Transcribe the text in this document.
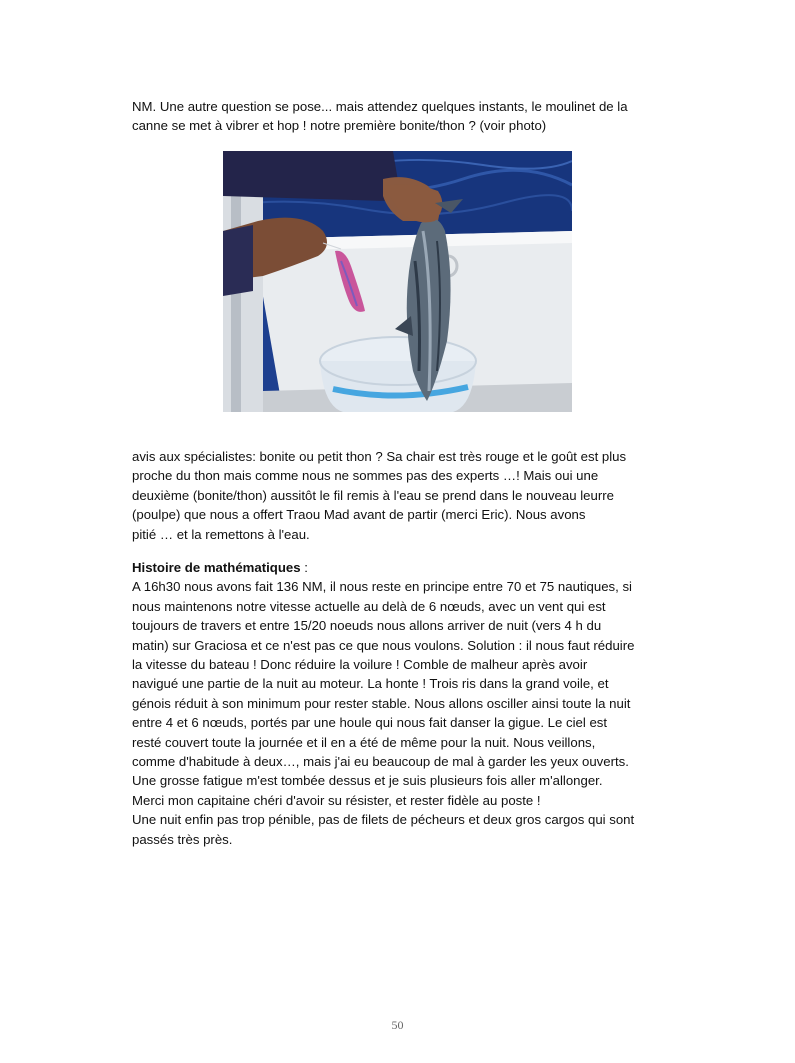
NM. Une autre question se pose... mais attendez quelques instants, le moulinet de la

canne se met à vibrer et hop ! notre première bonite/thon ? (voir photo)

avis aux spécialistes: bonite ou petit thon ? Sa chair est très rouge et le goût est plus

proche du thon mais comme nous ne sommes pas des experts …! Mais oui une

deuxième (bonite/thon) aussitôt le fil remis à l'eau se prend dans le nouveau leurre

(poulpe) que nous a offert Traou Mad avant de partir (merci Eric). Nous avons

pitié … et la remettons à l'eau.

Histoire de mathématiques :

A 16h30 nous avons fait 136 NM, il nous reste en principe entre 70 et 75 nautiques, si

nous maintenons notre vitesse actuelle au delà de 6 nœuds, avec un vent qui est

toujours de travers et entre 15/20 noeuds nous allons arriver de nuit (vers 4 h du

matin) sur Graciosa et ce n'est pas ce que nous voulons. Solution : il nous faut réduire

la vitesse du bateau ! Donc réduire la voilure ! Comble de malheur après avoir

navigué une partie de la nuit au moteur. La honte ! Trois ris dans la grand voile, et

génois réduit à son minimum pour rester stable. Nous allons osciller ainsi toute la nuit

entre 4 et 6 nœuds, portés par une houle qui nous fait danser la gigue. Le ciel est

resté couvert toute la journée et il en a été de même pour la nuit. Nous veillons,

comme d'habitude à deux…, mais j'ai eu beaucoup de mal à garder les yeux ouverts.

Une grosse fatigue m'est tombée dessus et je suis plusieurs fois aller m'allonger.

Merci mon capitaine chéri d'avoir su résister, et rester fidèle au poste !

Une nuit enfin pas trop pénible, pas de filets de pécheurs et deux gros cargos qui sont

passés très près.

50
